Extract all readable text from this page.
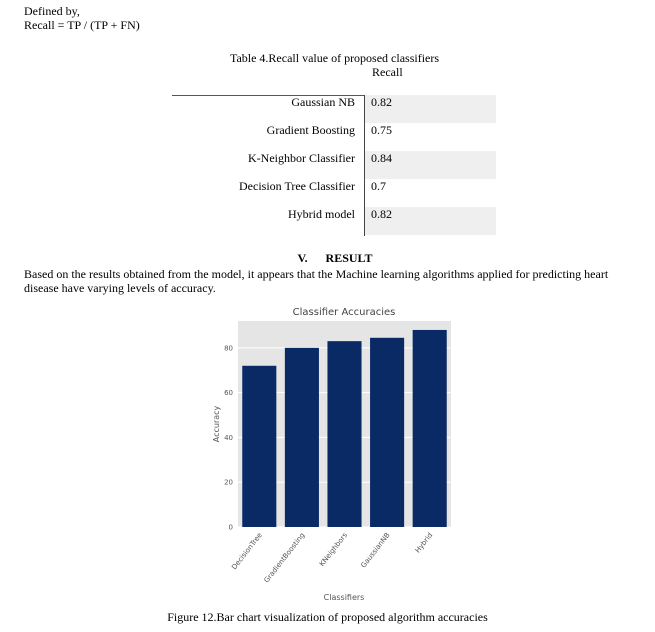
Defined by,
Recall = TP / (TP + FN)
Table 4.Recall value of proposed classifiers
Recall
Gaussian NB 0.82
Gradient Boosting 0.75
K-Neighbor Classifier 0.84
Decision Tree Classifier 0.7
Hybrid model 0.82
V. RESULT
Based on the results obtained from the model, it appears that the Machine learning algorithms applied for predicting heart disease have varying levels of accuracy.
Classifier Accuracies
0
20
40
60
80
DecisionTree
GradientBoosting KNeighbors GaussianNB	Hybrid
Classifiers
Accuracy
Figure 12.Bar chart visualization of proposed algorithm accuracies
